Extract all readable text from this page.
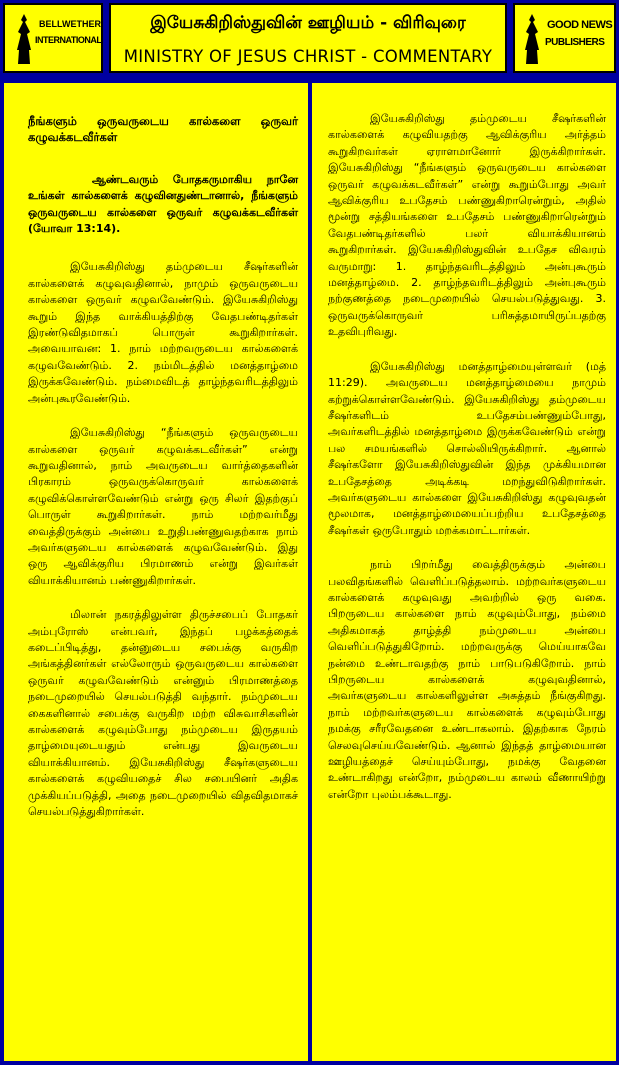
BELLWETHER
INTERNATIONAL
இயேசுகிறிஸ்துவின் ஊழியம் - விரிவுரை
MINISTRY OF JESUS CHRIST - COMMENTARY
GOOD NEWS
PUBLISHERS

நீங்களும் ஒருவருடைய கால்களை ஒருவர் கழுவக்கடவீர்கள்

ஆண்டவரும் போதகருமாகிய நானே உங்கள் கால்களைக் கழுவினதுண்டானால், நீங்களும் ஒருவருடைய கால்களை ஒருவர் கழுவக்கடவீர்கள் (யோவா 13:14).

இயேசுகிறிஸ்து தம்முடைய சீஷர்களின் கால்களைக் கழுவுவதினால், நாமும் ஒருவருடைய கால்களை ஒருவர் கழுவவேண்டும். இயேசுகிறிஸ்து கூறும் இந்த வாக்கியத்திற்கு வேதபண்டிதர்கள் இரண்டுவிதமாகப் பொருள் கூறுகிறார்கள். அவையாவன: 1. நாம் மற்றவருடைய கால்களைக் கழுவவேண்டும். 2. நம்மிடத்தில் மனத்தாழ்மை இருக்கவேண்டும். நம்மைவிடத் தாழ்ந்தவரிடத்திலும் அன்புகூரவேண்டும்.

இயேசுகிறிஸ்து “நீங்களும் ஒருவருடைய கால்களை ஒருவர் கழுவக்கடவீர்கள்” என்று கூறுவதினால், நாம் அவருடைய வார்த்தைகளின் பிரகாரம் ஒருவருக்கொருவர் கால்களைக் கழுவிக்கொள்ளவேண்டும் என்று ஒரு சிலர் இதற்குப் பொருள் கூறுகிறார்கள். நாம் மற்றவர்மீது வைத்திருக்கும் அன்பை உறுதிபண்ணுவதற்காக நாம் அவர்களுடைய கால்களைக் கழுவவேண்டும். இது ஒரு ஆவிக்குரிய பிரமாணம் என்று இவர்கள் வியாக்கியானம் பண்ணுகிறார்கள்.

மிலான் நகரத்திலுள்ள திருச்சபைப் போதகர் அம்புரோஸ் என்பவர், இந்தப் பழக்கத்தைக் கடைப்பிடித்து, தன்னுடைய சபைக்கு வருகிற அங்கத்தினர்கள் எல்லோரும் ஒருவருடைய கால்களை ஒருவர் கழுவவேண்டும் என்னும் பிரமாணத்தை நடைமுறையில் செயல்படுத்தி வந்தார். நம்முடைய கைகளினால் சபைக்கு வருகிற மற்ற விசுவாசிகளின் கால்களைக் கழுவும்போது நம்முடைய இருதயம் தாழ்மையுடையதும் என்பது இவருடைய வியாக்கியானம். இயேசுகிறிஸ்து சீஷர்களுடைய கால்களைக் கழுவியதைச் சில சபையினர் அதிக முக்கியப்படுத்தி, அதை நடைமுறையில் விதவிதமாகச் செயல்படுத்துகிறார்கள்.

இயேசுகிறிஸ்து தம்முடைய சீஷர்களின் கால்களைக் கழுவியதற்கு ஆவிக்குரிய அர்த்தம் கூறுகிறவர்கள் ஏராளமானோர் இருக்கிறார்கள். இயேசுகிறிஸ்து “நீங்களும் ஒருவருடைய கால்களை ஒருவர் கழுவக்கடவீர்கள்” என்று கூறும்போது அவர் ஆவிக்குரிய உபதேசம் பண்ணுகிறாரென்றும், அதில் மூன்று சத்தியங்களை உபதேசம் பண்ணுகிறாரென்றும் வேதபண்டிதர்களில் பலர் வியாக்கியானம் கூறுகிறார்கள். இயேசுகிறிஸ்துவின் உபதேச விவரம் வருமாறு: 1. தாழ்ந்தவரிடத்திலும் அன்புகூரும் மனத்தாழ்மை. 2. தாழ்ந்தவரிடத்திலும் அன்புகூரும் நற்குணத்தை நடைமுறையில் செயல்படுத்துவது. 3. ஒருவருக்கொருவர் பரிசுத்தமாயிருப்பதற்கு உதவிபுரிவது.

இயேசுகிறிஸ்து மனத்தாழ்மையுள்ளவர் (மத் 11:29). அவருடைய மனத்தாழ்மையை நாமும் கற்றுக்கொள்ளவேண்டும். இயேசுகிறிஸ்து தம்முடைய சீஷர்களிடம் உபதேசம்பண்ணும்போது, அவர்களிடத்தில் மனத்தாழ்மை இருக்கவேண்டும் என்று பல சமயங்களில் சொல்லியிருக்கிறார். ஆனால் சீஷர்களோ இயேசுகிறிஸ்துவின் இந்த முக்கியமான உபதேசத்தை அடிக்கடி மறந்துவிடுகிறார்கள். அவர்களுடைய கால்களை இயேசுகிறிஸ்து கழுவுவதன் மூலமாக, மனத்தாழ்மையைப்பற்றிய உபதேசத்தை சீஷர்கள் ஒருபோதும் மறக்கமாட்டார்கள்.

நாம் பிறர்மீது வைத்திருக்கும் அன்பை பலவிதங்களில் வெளிப்படுத்தலாம். மற்றவர்களுடைய கால்களைக் கழுவுவது அவற்றில் ஒரு வகை. பிறருடைய கால்களை நாம் கழுவும்போது, நம்மை அதிகமாகத் தாழ்த்தி நம்முடைய அன்பை வெளிப்படுத்துகிறோம். மற்றவருக்கு மெய்யாகவே நன்மை உண்டாவதற்கு நாம் பாடுபடுகிறோம். நாம் பிறருடைய கால்களைக் கழுவுவதினால், அவர்களுடைய கால்களிலுள்ள அசுத்தம் நீங்குகிறது. நாம் மற்றவர்களுடைய கால்களைக் கழுவும்போது நமக்கு சரீரவேதனை உண்டாகலாம். இதற்காக நேரம் செலவுசெய்யவேண்டும். ஆனால் இந்தத் தாழ்மையான ஊழியத்தைச் செய்யும்போது, நமக்கு வேதனை உண்டாகிறது என்றோ, நம்முடைய காலம் வீணாயிற்று என்றோ புலம்பக்கூடாது.
